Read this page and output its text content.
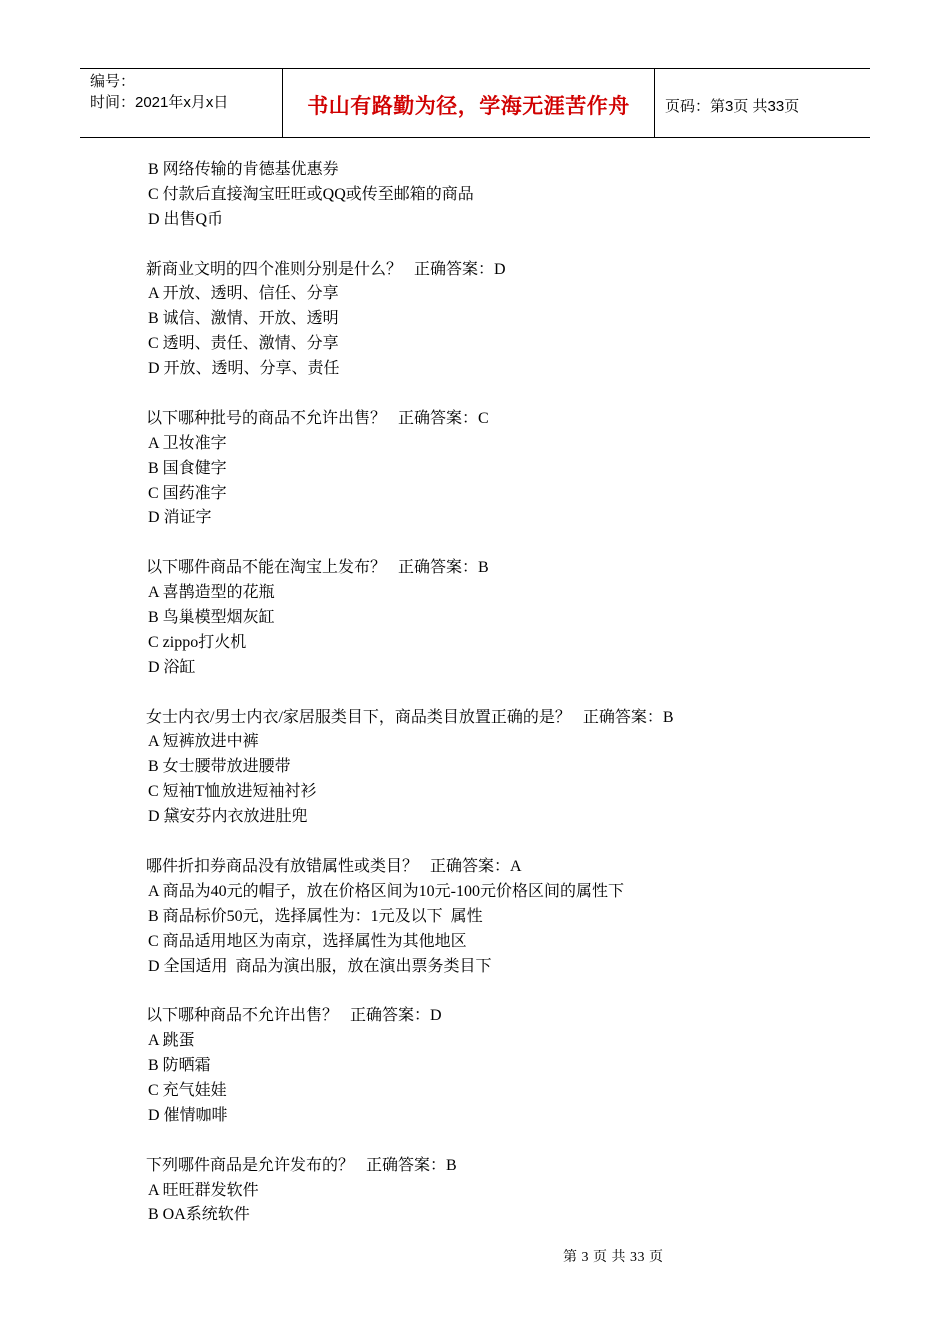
编号：
时间：2021年x月x日	书山有路勤为径，学海无涯苦作舟	页码：第3页 共33页
B 网络传输的肯德基优惠券
C 付款后直接淘宝旺旺或QQ或传至邮箱的商品
D 出售Q币
新商业文明的四个准则分别是什么？   正确答案：D
A 开放、透明、信任、分享
B 诚信、激情、开放、透明
C 透明、责任、激情、分享
D 开放、透明、分享、责任
以下哪种批号的商品不允许出售？   正确答案：C
A 卫妆准字
B 国食健字
C 国药准字
D 消证字
以下哪件商品不能在淘宝上发布？   正确答案：B
A 喜鹊造型的花瓶
B 鸟巢模型烟灰缸
C zippo打火机
D 浴缸
女士内衣/男士内衣/家居服类目下，商品类目放置正确的是？   正确答案：B
A 短裤放进中裤
B 女士腰带放进腰带
C 短袖T恤放进短袖衬衫
D 黛安芬内衣放进肚兜
哪件折扣券商品没有放错属性或类目？   正确答案：A
A 商品为40元的帽子，放在价格区间为10元-100元价格区间的属性下
B 商品标价50元，选择属性为：1元及以下  属性
C 商品适用地区为南京，选择属性为其他地区
D 全国适用  商品为演出服，放在演出票务类目下
以下哪种商品不允许出售？   正确答案：D
A 跳蛋
B 防晒霜
C 充气娃娃
D 催情咖啡
下列哪件商品是允许发布的？   正确答案：B
A 旺旺群发软件
B OA系统软件
第 3 页 共 33 页
